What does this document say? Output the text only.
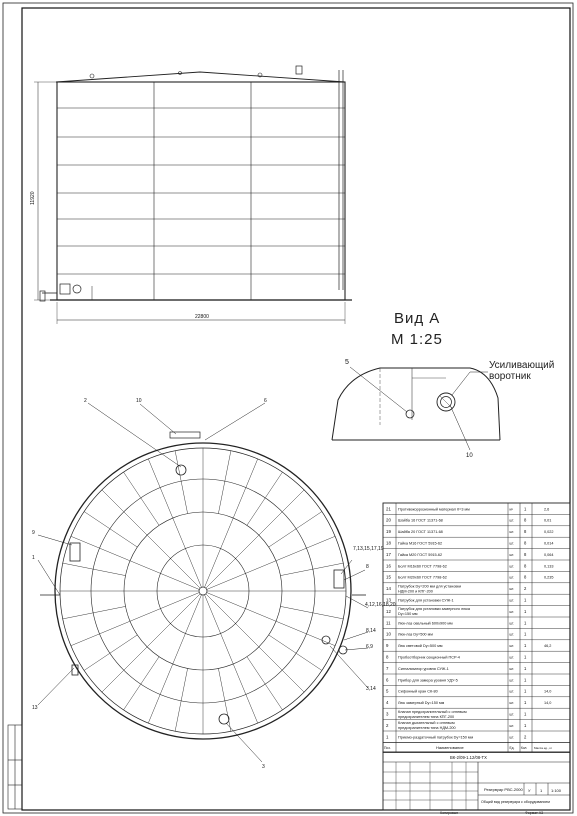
11920
22800
5
10
2	10	6
9
1
13
7,13,15,17,19
8
4,12,16,18,20
8,14
6,9
3,14
3
21 Противокоррозионный материал δ=3 мм	м²	1	2,6
20 Шайба 16 ГОСТ 11371-68	шт. 8	0,01
19 Шайба 20 ГОСТ 11371-68	шт. 8	0,022
18 Гайка М16 ГОСТ 5915-62	шт. 8	0,014
17 Гайка М20 ГОСТ 5915-62	шт. 8	0,064
16 Болт М16х60 ГОСТ 7798-62	шт. 8	0,133
15 Болт М20х60 ГОСТ 7798-62	шт. 8	0,235
14 Патрубок Dу=200 мм для установки
НДМ-200 и КПГ-200
шт. 2
13 Патрубок для установки СУЖ-1	шт. 1
12 Патрубок для установки замерного люка
Dу=150 мм
шт. 1
11 Люк-лаз овальный 600х900 мм	шт. 1
10 Люк-лаз Dу=500 мм	шт. 1
9	Люк световой Dу=500 мм	шт. 1	46,2
8	Пробоотборник секционный ПСР-4	шт. 1
7	Сигнализатор уровня СУЖ-1	шт. 1
6	Прибор для замера уровня УДУ-5	шт. 1
5	Сифонный кран СК-80	шт. 1	14,0
4	Люк замерный Dу=150 мм	шт. 1	14,0
3	Клапан предохранительный с огневым
предохранителем типа КПГ-200
шт. 1
2	Клапан дыхательный с огневым
предохранителем типа НДМ-200
шт. 1
1	Приемо-раздаточный патрубок Dу=150 мм	шт. 2
Поз.	Наименование	Ед. Кол. Масса ед., кг
ВК-2/09-1.12/08-ТХ
Резервуар РВС-2000
Общий вид резервуара с оборудованием
У 1 1:100
Копировал	Формат А3
Вид А
М 1:25
Усиливающий воротник
